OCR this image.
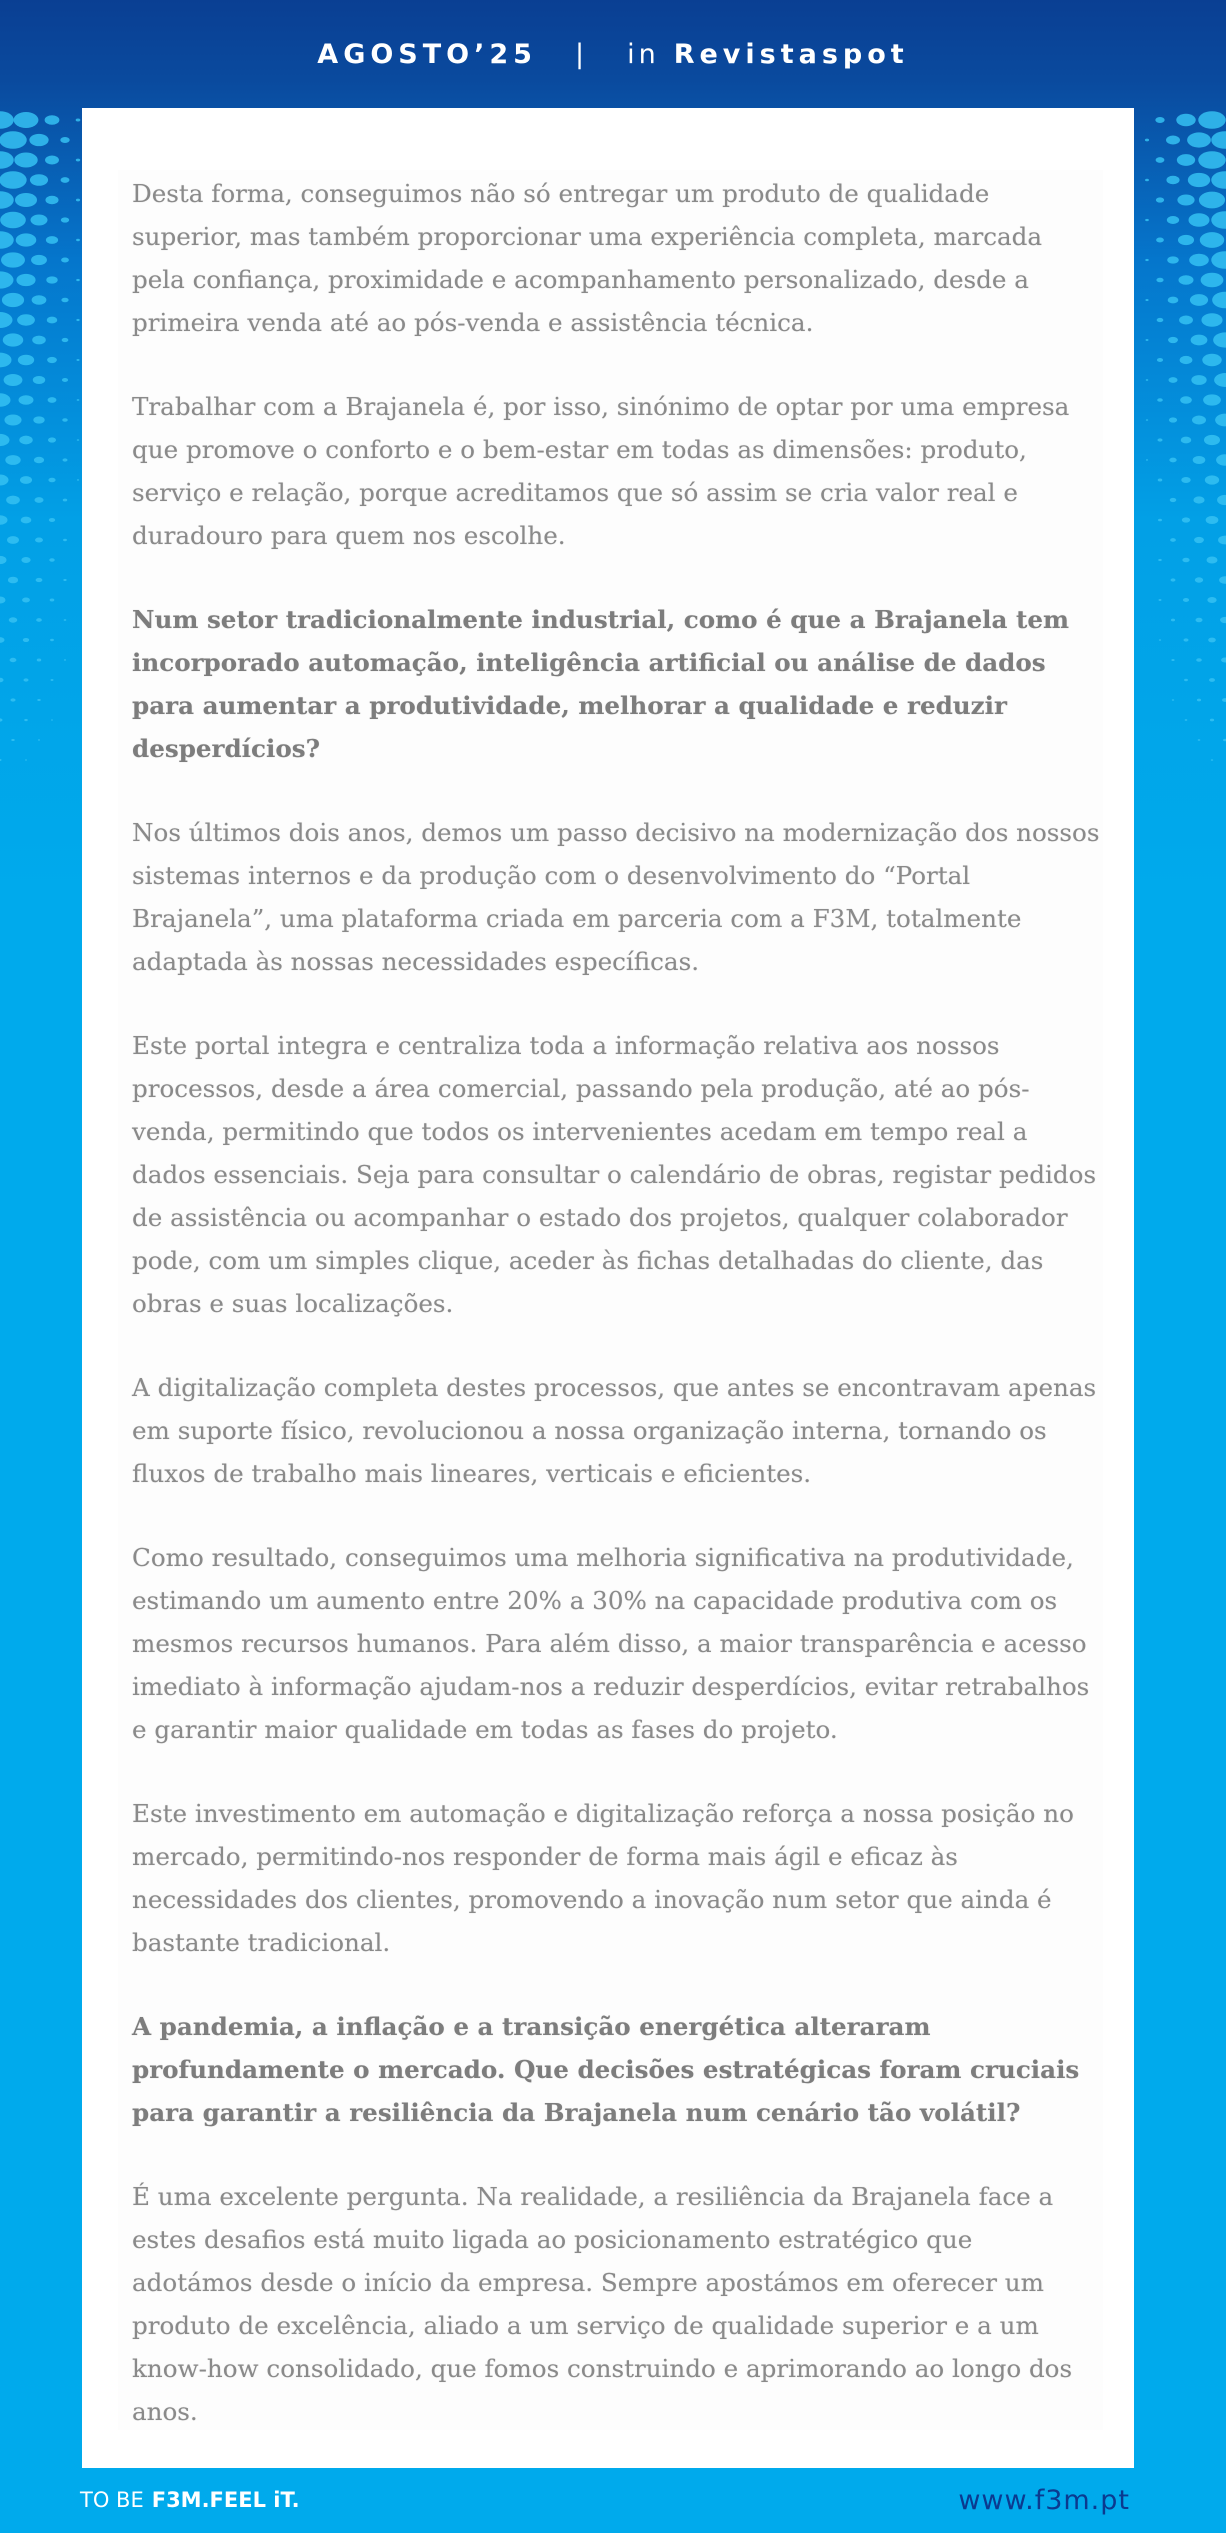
AGOSTO’25 | in Revistaspot

Desta forma, conseguimos não só entregar um produto de qualidade superior, mas também proporcionar uma experiência completa, marcada pela confiança, proximidade e acompanhamento personalizado, desde a primeira venda até ao pós-venda e assistência técnica.

Trabalhar com a Brajanela é, por isso, sinónimo de optar por uma empresa que promove o conforto e o bem-estar em todas as dimensões: produto, serviço e relação, porque acreditamos que só assim se cria valor real e duradouro para quem nos escolhe.

Num setor tradicionalmente industrial, como é que a Brajanela tem incorporado automação, inteligência artificial ou análise de dados para aumentar a produtividade, melhorar a qualidade e reduzir desperdícios?

Nos últimos dois anos, demos um passo decisivo na modernização dos nossos sistemas internos e da produção com o desenvolvimento do “Portal Brajanela”, uma plataforma criada em parceria com a F3M, totalmente adaptada às nossas necessidades específicas.

Este portal integra e centraliza toda a informação relativa aos nossos processos, desde a área comercial, passando pela produção, até ao pós-venda, permitindo que todos os intervenientes acedam em tempo real a dados essenciais. Seja para consultar o calendário de obras, registar pedidos de assistência ou acompanhar o estado dos projetos, qualquer colaborador pode, com um simples clique, aceder às fichas detalhadas do cliente, das obras e suas localizações.

A digitalização completa destes processos, que antes se encontravam apenas em suporte físico, revolucionou a nossa organização interna, tornando os fluxos de trabalho mais lineares, verticais e eficientes.

Como resultado, conseguimos uma melhoria significativa na produtividade, estimando um aumento entre 20% a 30% na capacidade produtiva com os mesmos recursos humanos. Para além disso, a maior transparência e acesso imediato à informação ajudam-nos a reduzir desperdícios, evitar retrabalhos e garantir maior qualidade em todas as fases do projeto.

Este investimento em automação e digitalização reforça a nossa posição no mercado, permitindo-nos responder de forma mais ágil e eficaz às necessidades dos clientes, promovendo a inovação num setor que ainda é bastante tradicional.

A pandemia, a inflação e a transição energética alteraram profundamente o mercado. Que decisões estratégicas foram cruciais para garantir a resiliência da Brajanela num cenário tão volátil?

É uma excelente pergunta. Na realidade, a resiliência da Brajanela face a estes desafios está muito ligada ao posicionamento estratégico que adotámos desde o início da empresa. Sempre apostámos em oferecer um produto de excelência, aliado a um serviço de qualidade superior e a um know-how consolidado, que fomos construindo e aprimorando ao longo dos anos.

TO BE F3M.FEEL iT.	www.f3m.pt
